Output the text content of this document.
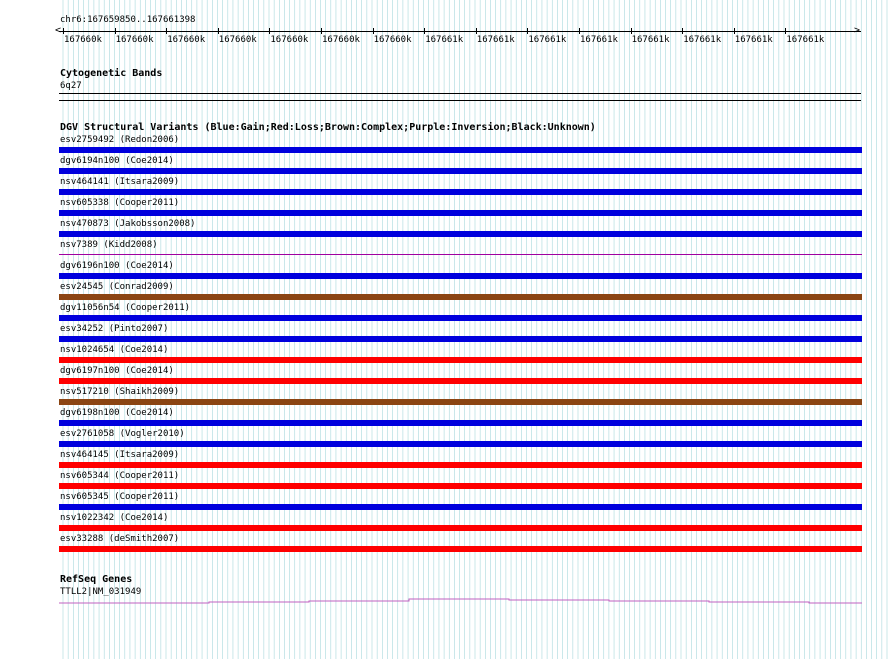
chr6:167659850..167661398
<	>
167660k 167660k 167660k 167660k 167660k 167660k 167660k 167661k 167661k 167661k 167661k 167661k 167661k 167661k 167661k
Cytogenetic Bands
6q27
DGV Structural Variants (Blue:Gain;Red:Loss;Brown:Complex;Purple:Inversion;Black:Unknown)
esv2759492 (Redon2006)
dgv6194n100 (Coe2014)
nsv464141 (Itsara2009)
nsv605338 (Cooper2011)
nsv470873 (Jakobsson2008)
nsv7389 (Kidd2008)
dgv6196n100 (Coe2014)
esv24545 (Conrad2009)
dgv11056n54 (Cooper2011)
esv34252 (Pinto2007)
nsv1024654 (Coe2014)
dgv6197n100 (Coe2014)
nsv517210 (Shaikh2009)
dgv6198n100 (Coe2014)
esv2761058 (Vogler2010)
nsv464145 (Itsara2009)
nsv605344 (Cooper2011)
nsv605345 (Cooper2011)
nsv1022342 (Coe2014)
esv33288 (deSmith2007)
RefSeq Genes
TTLL2|NM_031949
